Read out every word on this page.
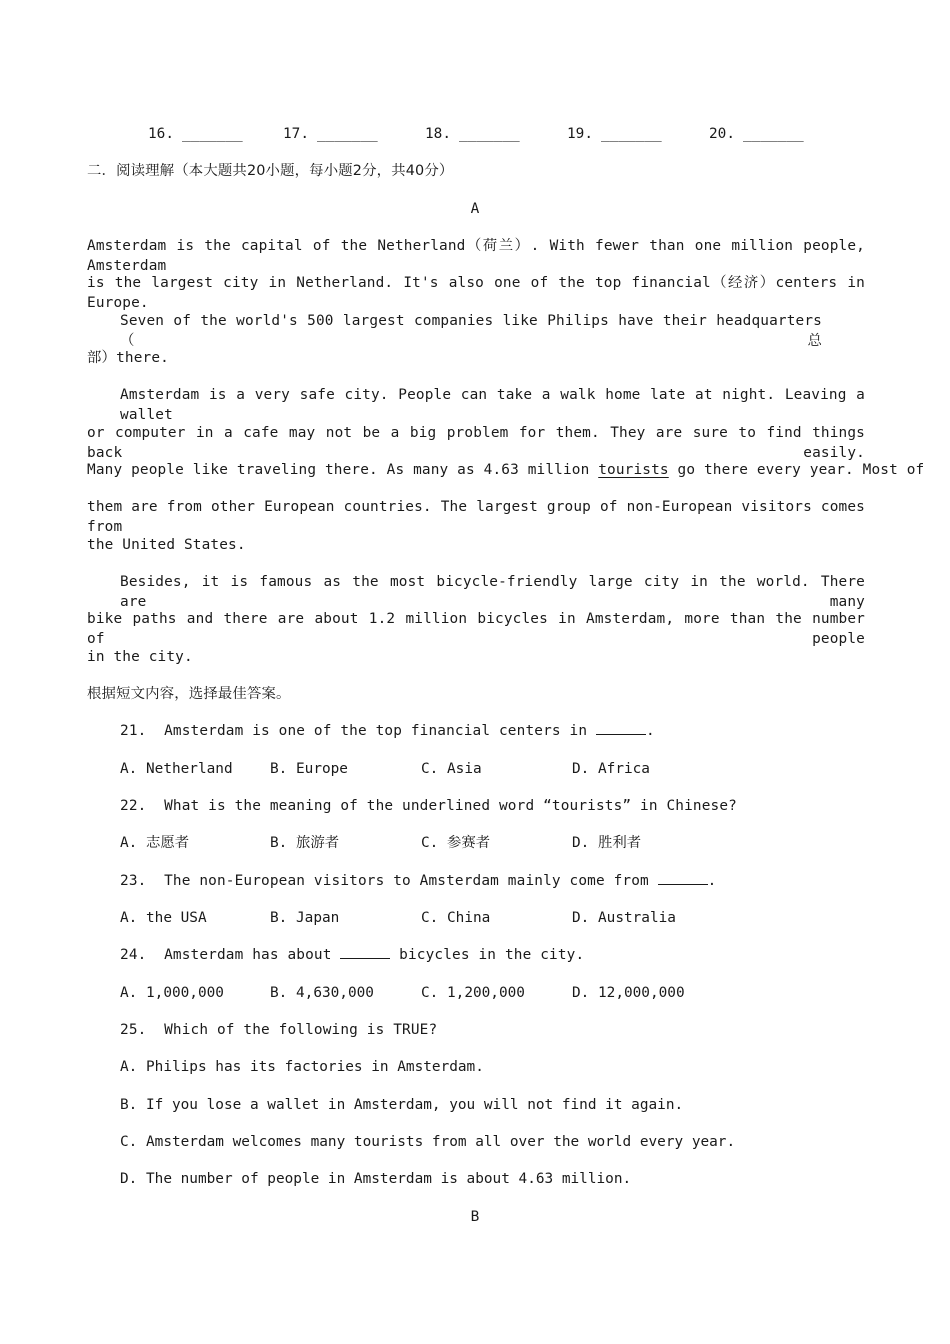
16. _______	17. _______	18. _______	19. _______	20. _______
二．阅读理解（本大题共20小题，每小题2分，共40分）
A
Amsterdam is the capital of the Netherland（荷兰）. With fewer than one million people, Amsterdam
is the largest city in Netherland. It's also one of the top financial（经济）centers in Europe.
Seven of the world's 500 largest companies like Philips have their headquarters（总
部）there.
Amsterdam is a very safe city. People can take a walk home late at night. Leaving a wallet
or computer in a cafe may not be a big problem for them. They are sure to find things back easily.
Many people like traveling there. As many as 4.63 million tourists go there every year. Most of
them are from other European countries. The largest group of non-European visitors comes from
the United States.
Besides, it is famous as the most bicycle-friendly large city in the world. There are many
bike paths and there are about 1.2 million bicycles in Amsterdam, more than the number of people
in the city.
根据短文内容，选择最佳答案。
21.  Amsterdam is one of the top financial centers in	.
A. Netherland	B. Europe	C. Asia	D. Africa
22.  What is the meaning of the underlined word “tourists” in Chinese?
A. 志愿者	B. 旅游者	C. 参赛者	D. 胜利者
23.  The non-European visitors to Amsterdam mainly come from	.
A. the USA	B. Japan	C. China	D. Australia
24.  Amsterdam has about	bicycles in the city.
A. 1,000,000	B. 4,630,000	C. 1,200,000	D. 12,000,000
25.  Which of the following is TRUE?
A. Philips has its factories in Amsterdam.
B. If you lose a wallet in Amsterdam, you will not find it again.
C. Amsterdam welcomes many tourists from all over the world every year.
D. The number of people in Amsterdam is about 4.63 million.
B
